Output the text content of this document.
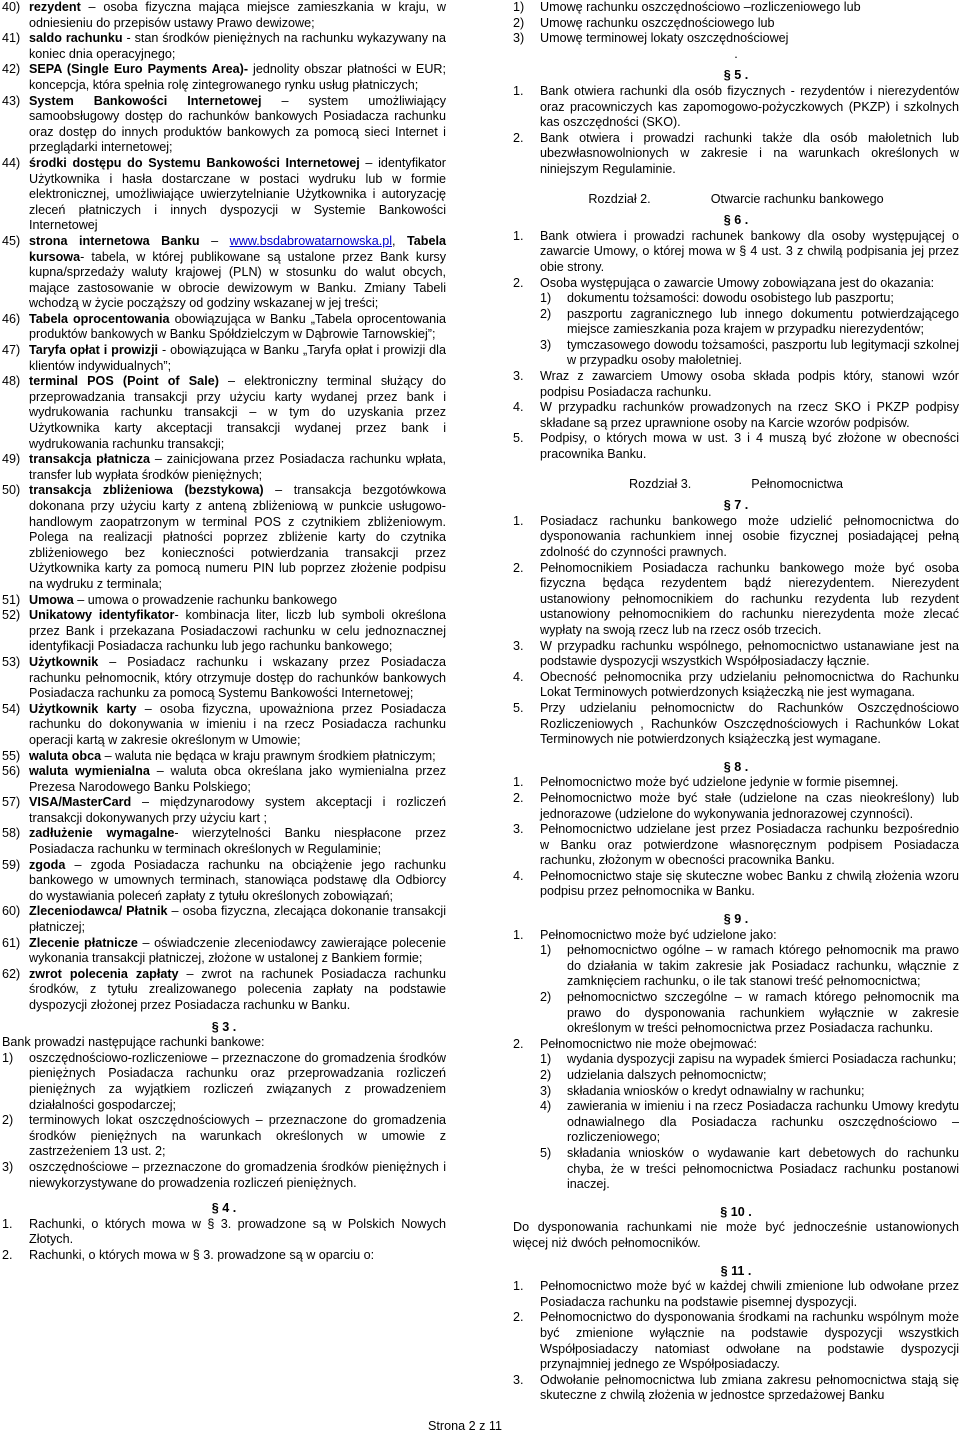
40) rezydent – osoba fizyczna mająca miejsce zamieszkania w kraju, w odniesieniu do przepisów ustawy Prawo dewizowe;
41) saldo rachunku - stan środków pieniężnych na rachunku wykazywany na koniec dnia operacyjnego;
42) SEPA (Single Euro Payments Area)- jednolity obszar płatności w EUR; koncepcja, która spełnia rolę zintegrowanego rynku usług płatniczych;
43) System Bankowości Internetowej – system umożliwiający samoobsługowy dostęp do rachunków bankowych Posiadacza rachunku oraz dostęp do innych produktów bankowych za pomocą sieci Internet i przeglądarki internetowej;
44) środki dostępu do Systemu Bankowości Internetowej – identyfikator Użytkownika i hasła dostarczane w postaci wydruku lub w formie elektronicznej, umożliwiające uwierzytelnianie Użytkownika i autoryzację zleceń płatniczych i innych dyspozycji w Systemie Bankowości Internetowej
45) strona internetowa Banku – www.bsdabrowatarnowska.pl, Tabela kursowa- tabela, w której publikowane są ustalone przez Bank kursy kupna/sprzedaży waluty krajowej (PLN) w stosunku do walut obcych, mające zastosowanie w obrocie dewizowym w Banku. Zmiany Tabeli wchodzą w życie począższy od godziny wskazanej w jej treści;
46) Tabela oprocentowania obowiązująca w Banku „Tabela oprocentowania produktów bankowych w Banku Spółdzielczym w Dąbrowie Tarnowskiej”;
47) Taryfa opłat i prowizji - obowiązująca w Banku „Taryfa opłat i prowizji dla klientów indywidualnych”;
48) terminal POS (Point of Sale) – elektroniczny terminal służący do przeprowadzania transakcji przy użyciu karty wydanej przez bank i wydrukowania rachunku transakcji – w tym do uzyskania przez Użytkownika karty akceptacji transakcji wydanej przez bank i wydrukowania rachunku transakcji;
49) transakcja płatnicza – zainicjowana przez Posiadacza rachunku wpłata, transfer lub wypłata środków pieniężnych;
50) transakcja zbliżeniowa (bezstykowa) – transakcja bezgotówkowa dokonana przy użyciu karty z anteną zbliżeniową w punkcie usługowo-handlowym zaopatrzonym w terminal POS z czytnikiem zbliżeniowym. Polega na realizacji płatności poprzez zbliżenie karty do czytnika zbliżeniowego bez konieczności potwierdzania transakcji przez Użytkownika karty za pomocą numeru PIN lub poprzez złożenie podpisu na wydruku z terminala;
51) Umowa – umowa o prowadzenie rachunku bankowego
52) Unikatowy identyfikator- kombinacja liter, liczb lub symboli określona przez Bank i przekazana Posiadaczowi rachunku w celu jednoznacznej identyfikacji Posiadacza rachunku lub jego rachunku bankowego;
53) Użytkownik – Posiadacz rachunku i wskazany przez Posiadacza rachunku pełnomocnik, który otrzymuje dostęp do rachunków bankowych Posiadacza rachunku za pomocą Systemu Bankowości Internetowej;
54) Użytkownik karty – osoba fizyczna, upoważniona przez Posiadacza rachunku do dokonywania w imieniu i na rzecz Posiadacza rachunku operacji kartą w zakresie określonym w Umowie;
55) waluta obca – waluta nie będąca w kraju prawnym środkiem płatniczym;
56) waluta wymienialna – waluta obca określana jako wymienialna przez Prezesa Narodowego Banku Polskiego;
57) VISA/MasterCard – międzynarodowy system akceptacji i rozliczeń transakcji dokonywanych przy użyciu kart ;
58) zadłużenie wymagalne- wierzytelności Banku niespłacone przez Posiadacza rachunku w terminach określonych w Regulaminie;
59) zgoda – zgoda Posiadacza rachunku na obciążenie jego rachunku bankowego w umownych terminach, stanowiąca podstawę dla Odbiorcy do wystawiania poleceń zapłaty z tytułu określonych zobowiązań;
60) Zleceniodawca/ Płatnik – osoba fizyczna, zlecająca dokonanie transakcji płatniczej;
61) Zlecenie płatnicze – oświadczenie zleceniodawcy zawierające polecenie wykonania transakcji płatniczej, złożone w ustalonej z Bankiem formie;
62) zwrot polecenia zapłaty – zwrot na rachunek Posiadacza rachunku środków, z tytułu zrealizowanego polecenia zapłaty na podstawie dyspozycji złożonej przez Posiadacza rachunku w Banku.
§ 3 .
Bank prowadzi następujące rachunki bankowe:
1)	oszczędnościowo-rozliczeniowe – przeznaczone do gromadzenia środków pieniężnych Posiadacza rachunku oraz przeprowadzania rozliczeń pieniężnych za wyjątkiem rozliczeń związanych z prowadzeniem działalności gospodarczej;
2)	terminowych lokat oszczędnościowych – przeznaczone do gromadzenia środków pieniężnych na warunkach określonych w umowie z zastrzeżeniem 13 ust. 2;
3)	oszczędnościowe – przeznaczone do gromadzenia środków pieniężnych i niewykorzystywane do prowadzenia rozliczeń pieniężnych.
§ 4 .
1.	Rachunki, o których mowa w § 3. prowadzone są w Polskich Nowych Złotych.
2.	Rachunki, o których mowa w § 3. prowadzone są w oparciu o:
1)	Umowę rachunku oszczędnościowo –rozliczeniowego lub
2)	Umowę rachunku oszczędnościowego lub
3)	Umowę terminowej lokaty oszczędnościowej
.
§ 5 .
1.	Bank otwiera rachunki dla osób fizycznych - rezydentów i nierezydentów oraz pracowniczych kas zapomogowo-pożyczkowych (PKZP) i szkolnych kas oszczędności (SKO).
2.	Bank otwiera i prowadzi rachunki także dla osób małoletnich lub ubezwłasnowolnionych w zakresie i na warunkach określonych w niniejszym Regulaminie.
Rozdział 2.	Otwarcie rachunku bankowego
§ 6 .
1.	Bank otwiera i prowadzi rachunek bankowy dla osoby występującej o zawarcie Umowy, o której mowa w § 4 ust. 3 z chwilą podpisania jej przez obie strony.
2.	Osoba występująca o zawarcie Umowy zobowiązana jest do okazania:
1)	dokumentu tożsamości: dowodu osobistego lub paszportu;
2)	paszportu zagranicznego lub innego dokumentu potwierdzającego miejsce zamieszkania poza krajem w przypadku nierezydentów;
3)	tymczasowego dowodu tożsamości, paszportu lub legitymacji szkolnej w przypadku osoby małoletniej.
3.	Wraz z zawarciem Umowy osoba składa podpis który, stanowi wzór podpisu Posiadacza rachunku.
4.	W przypadku rachunków prowadzonych na rzecz SKO i PKZP podpisy składane są przez uprawnione osoby na Karcie wzorów podpisów.
5.	Podpisy, o których mowa w ust. 3 i 4 muszą być złożone w obecności pracownika Banku.
Rozdział 3.	Pełnomocnictwa
§ 7 .
1.	Posiadacz rachunku bankowego może udzielić pełnomocnictwa do dysponowania rachunkiem innej osobie fizycznej posiadającej pełną zdolność do czynności prawnych.
2.	Pełnomocnikiem Posiadacza rachunku bankowego może być osoba fizyczna będąca rezydentem bądź nierezydentem. Nierezydent ustanowiony pełnomocnikiem do rachunku rezydenta lub rezydent ustanowiony pełnomocnikiem do rachunku nierezydenta może zlecać wypłaty na swoją rzecz lub na rzecz osób trzecich.
3.	W przypadku rachunku wspólnego, pełnomocnictwo ustanawiane jest na podstawie dyspozycji wszystkich Współposiadaczy łącznie.
4.	Obecność pełnomocnika przy udzielaniu pełnomocnictwa do Rachunku Lokat Terminowych potwierdzonych książeczką nie jest wymagana.
5.	Przy udzielaniu pełnomocnictw do Rachunków Oszczędnościowo Rozliczeniowych , Rachunków Oszczędnościowych i Rachunków Lokat Terminowych nie potwierdzonych książeczką jest wymagane.
§ 8 .
1.	Pełnomocnictwo może być udzielone jedynie w formie pisemnej.
2.	Pełnomocnictwo może być stałe (udzielone na czas nieokreślony) lub jednorazowe (udzielone do wykonywania jednorazowej czynności).
3.	Pełnomocnictwo udzielane jest przez Posiadacza rachunku bezpośrednio w Banku oraz potwierdzone własnoręcznym podpisem Posiadacza rachunku, złożonym w obecności pracownika Banku.
4.	Pełnomocnictwo staje się skuteczne wobec Banku z chwilą złożenia wzoru podpisu przez pełnomocnika w Banku.
§ 9 .
1.	Pełnomocnictwo może być udzielone jako:
1)	pełnomocnictwo ogólne – w ramach którego pełnomocnik ma prawo do działania w takim zakresie jak Posiadacz rachunku, włącznie z zamknięciem rachunku, o ile tak stanowi treść pełnomocnictwa;
2)	pełnomocnictwo szczególne – w ramach którego pełnomocnik ma prawo do dysponowania rachunkiem wyłącznie w zakresie określonym w treści pełnomocnictwa przez Posiadacza rachunku.
2.	Pełnomocnictwo nie może obejmować:
1)	wydania dyspozycji zapisu na wypadek śmierci Posiadacza rachunku;
2)	udzielania dalszych pełnomocnictw;
3)	składania wniosków o kredyt odnawialny w rachunku;
4)	zawierania w imieniu i na rzecz Posiadacza rachunku Umowy kredytu odnawialnego dla Posiadacza rachunku oszczędnościowo –rozliczeniowego;
5)	składania wniosków o wydawanie kart debetowych do rachunku chyba, że w treści pełnomocnictwa Posiadacz rachunku postanowi inaczej.
§ 10 .
Do dysponowania rachunkami nie może być jednocześnie ustanowionych więcej niż dwóch pełnomocników.
§ 11 .
1.	Pełnomocnictwo może być w każdej chwili zmienione lub odwołane przez Posiadacza rachunku na podstawie pisemnej dyspozycji.
2.	Pełnomocnictwo do dysponowania środkami na rachunku wspólnym może być zmienione wyłącznie na podstawie dyspozycji wszystkich Współposiadaczy natomiast odwołane na podstawie dyspozycji przynajmniej jednego ze Współposiadaczy.
3.	Odwołanie pełnomocnictwa lub zmiana zakresu pełnomocnictwa stają się skuteczne z chwilą złożenia w jednostce sprzedażowej Banku
Strona 2 z 11
